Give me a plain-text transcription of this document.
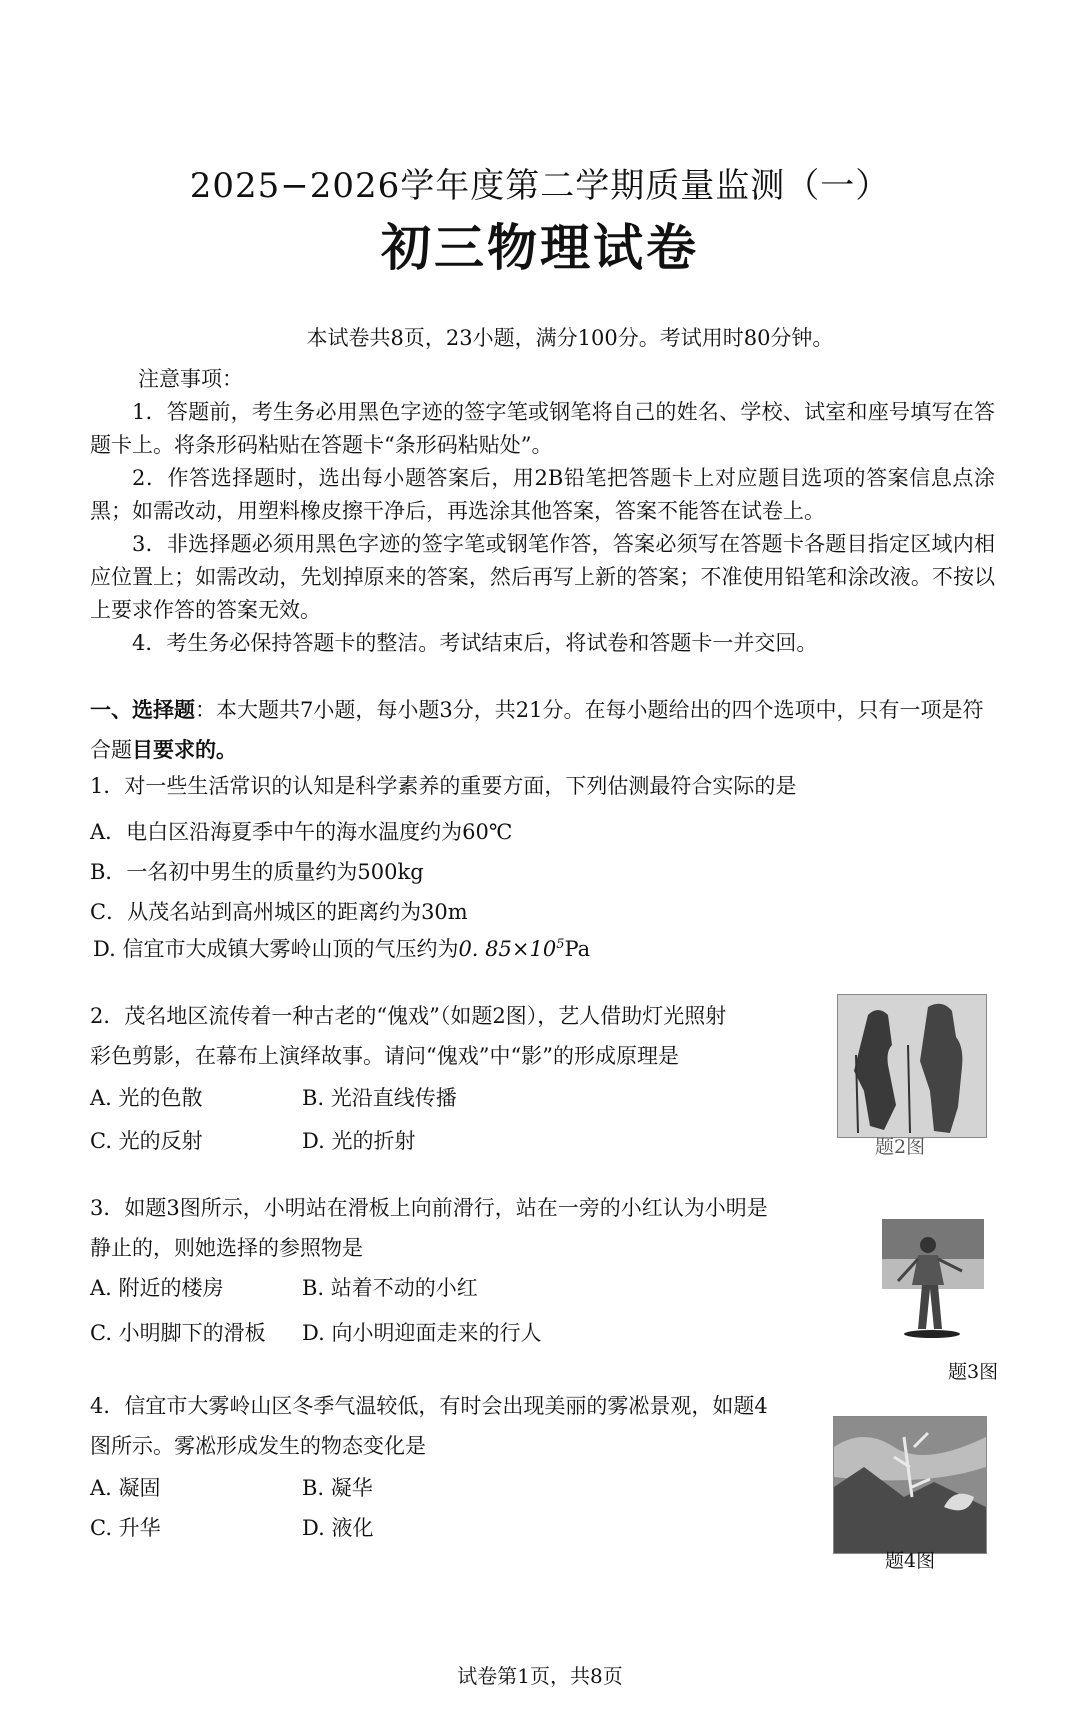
2025−2026学年度第二学期质量监测（一）
初三物理试卷
本试卷共8页，23小题，满分100分。考试用时80分钟。
注意事项：
1．答题前，考生务必用黑色字迹的签字笔或钢笔将自己的姓名、学校、试室和座号填写在答题卡上。将条形码粘贴在答题卡“条形码粘贴处”。
2．作答选择题时，选出每小题答案后，用2B铅笔把答题卡上对应题目选项的答案信息点涂黑；如需改动，用塑料橡皮擦干净后，再选涂其他答案，答案不能答在试卷上。
3．非选择题必须用黑色字迹的签字笔或钢笔作答，答案必须写在答题卡各题目指定区域内相应位置上；如需改动，先划掉原来的答案，然后再写上新的答案；不准使用铅笔和涂改液。不按以上要求作答的答案无效。
4．考生务必保持答题卡的整洁。考试结束后，将试卷和答题卡一并交回。
一、选择题：本大题共7小题，每小题3分，共21分。在每小题给出的四个选项中，只有一项是符合题目要求的。
1．对一些生活常识的认知是科学素养的重要方面，下列估测最符合实际的是
A．电白区沿海夏季中午的海水温度约为60℃
B．一名初中男生的质量约为500kg
C．从茂名站到高州城区的距离约为30m
D. 信宜市大成镇大雾岭山顶的气压约为0. $85\times 10^5Pa$
2．茂名地区流传着一种古老的“傀戏”（如题2图），艺人借助灯光照射
彩色剪影，在幕布上演绎故事。请问“傀戏”中“影”的形成原理是
A. 光的色散	B. 光沿直线传播
C. 光的反射	D. 光的折射	题2图
3．如题3图所示，小明站在滑板上向前滑行，站在一旁的小红认为小明是
静止的，则她选择的参照物是
A. 附近的楼房	B. 站着不动的小红
C. 小明脚下的滑板 D. 向小明迎面走来的行人
题3图
4．信宜市大雾岭山区冬季气温较低，有时会出现美丽的雾凇景观，如题4
图所示。雾凇形成发生的物态变化是
A. 凝固	B. 凝华
C. 升华	D. 液化
题4图
试卷第1页，共8页
